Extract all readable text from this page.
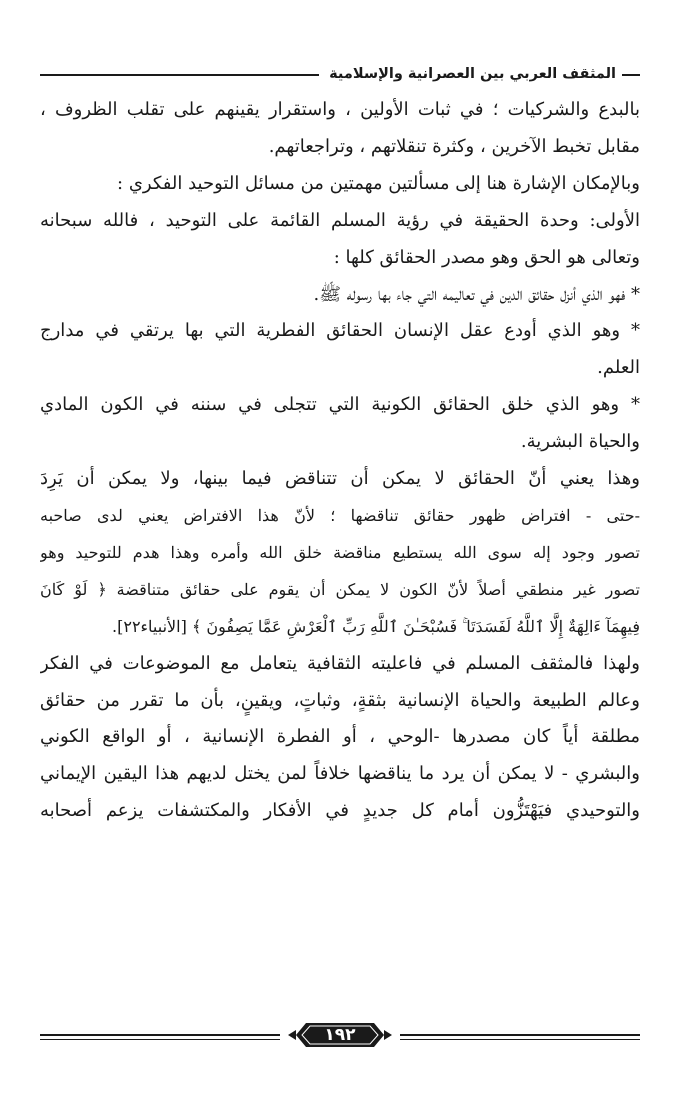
المثقف العربي بين العصرانية والإسلامية
بالبدع والشركيات ؛ في ثبات الأولين ، واستقرار يقينهم على تقلب الظروف ،
مقابل تخبط الآخرين ، وكثرة تنقلاتهم ، وتراجعاتهم.
وبالإمكان الإشارة هنا إلى مسألتين مهمتين من مسائل التوحيد الفكري :
الأولى: وحدة الحقيقة في رؤية المسلم القائمة على التوحيد ، فالله سبحانه
وتعالى هو الحق وهو مصدر الحقائق كلها :
* فهو الذي أنزل حقائق الدين في تعاليمه التي جاء بها رسوله ﷺ.
* وهو الذي أودع عقل الإنسان الحقائق الفطرية التي بها يرتقي في مدارج
العلم.
* وهو الذي خلق الحقائق الكونية التي تتجلى في سننه في الكون المادي
والحياة البشرية.
وهذا يعني أنّ الحقائق لا يمكن أن تتناقض فيما بينها، ولا يمكن أن يَرِدَ
-حتى - افتراض ظهور حقائق تناقضها ؛ لأنّ هذا الافتراض يعني لدى صاحبه
تصور وجود إله سوى الله يستطيع مناقضة خلق الله وأمره وهذا هدم للتوحيد وهو
تصور غير منطقي أصلاً لأنّ الكون لا يمكن أن يقوم على حقائق متناقضة ﴿ لَوْ كَانَ
فِيهِمَآ ءَالِهَةٌ إِلَّا ٱللَّهُ لَفَسَدَتَا ۚ فَسُبْحَـٰنَ ٱللَّهِ رَبِّ ٱلْعَرْشِ عَمَّا يَصِفُونَ ﴾ [الأنبياء٢٢].
ولهذا فالمثقف المسلم في فاعليته الثقافية يتعامل مع الموضوعات في الفكر
وعالم الطبيعة والحياة الإنسانية بثقةٍ، وثباتٍ، ويقينٍ، بأن ما تقرر من حقائق
مطلقة أياً كان مصدرها -الوحي ، أو الفطرة الإنسانية ، أو الواقع الكوني
والبشري - لا يمكن أن يرد ما يناقضها خلافاً لمن يختل لديهم هذا اليقين الإيماني
والتوحيدي فيَهْتَزُّون أمام كل جديدٍ في الأفكار والمكتشفات يزعم أصحابه
١٩٢
